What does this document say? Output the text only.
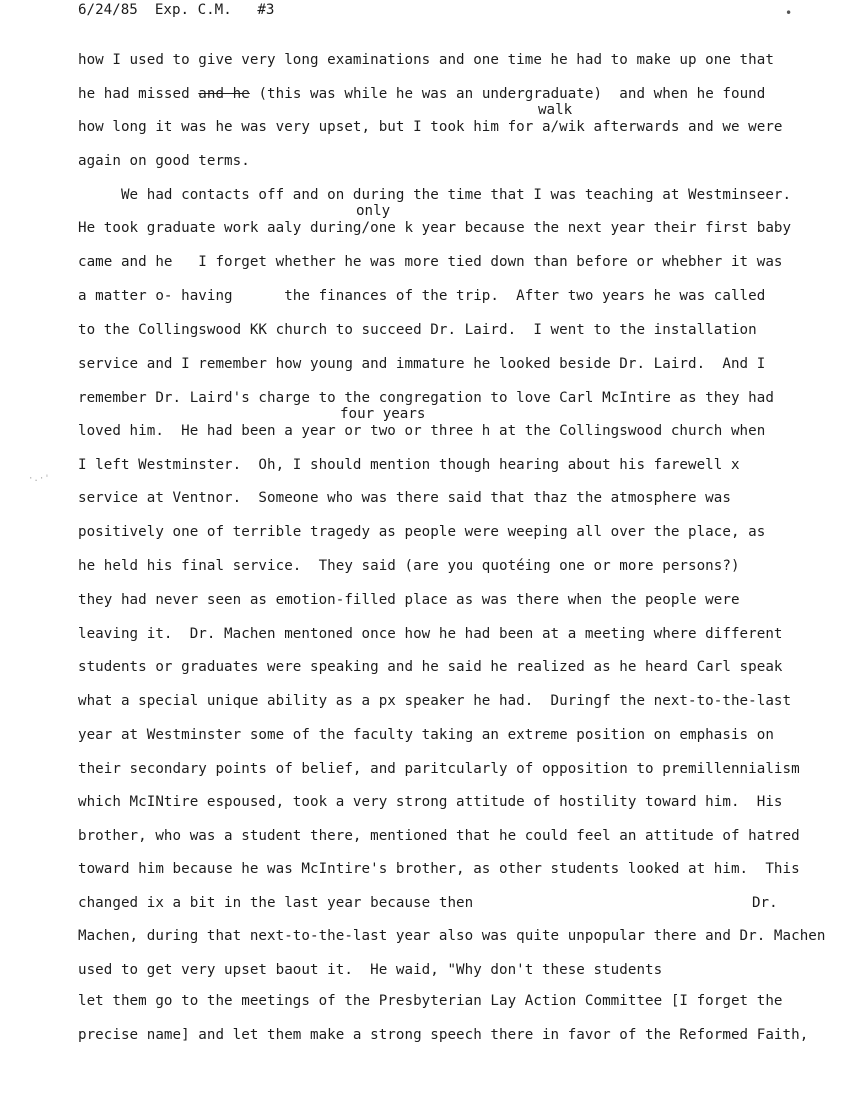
6/24/85  Exp. C.M.   #3	•
·.·'
how I used to give very long examinations and one time he had to make up one that
he had missed and he (this was while he was an undergraduate)  and when he found
walk
how long it was he was very upset, but I took him for a/wik afterwards and we were
again on good terms.
We had contacts off and on during the time that I was teaching at Westminseer.
only
He took graduate work aaly during/one k year because the next year their first baby
came and he   I forget whether he was more tied down than before or whebher it was
a matter o- having      the finances of the trip.  After two years he was called
to the Collingswood KK church to succeed Dr. Laird.  I went to the installation
service and I remember how young and immature he looked beside Dr. Laird.  And I
remember Dr. Laird's charge to the congregation to love Carl McIntire as they had
four years
loved him.  He had been a year or two or three h at the Collingswood church when
I left Westminster.  Oh, I should mention though hearing about his farewell x
service at Ventnor.  Someone who was there said that thaz the atmosphere was
positively one of terrible tragedy as people were weeping all over the place, as
he held his final service.  They said (are you quotéing one or more persons?)
they had never seen as emotion-filled place as was there when the people were
leaving it.  Dr. Machen mentoned once how he had been at a meeting where different
students or graduates were speaking and he said he realized as he heard Carl speak
what a special unique ability as a px speaker he had.  Duringf the next-to-the-last
year at Westminster some of the faculty taking an extreme position on emphasis on
their secondary points of belief, and paritcularly of opposition to premillennialism
which McINtire espoused, took a very strong attitude of hostility toward him.  His
brother, who was a student there, mentioned that he could feel an attitude of hatred
toward him because he was McIntire's brother, as other students looked at him.  This
changed ix a bit in the last year because then	Dr.
Machen, during that next-to-the-last year also was quite unpopular there and Dr. Machen
used to get very upset baout it.  He waid, "Why don't these students
let them go to the meetings of the Presbyterian Lay Action Committee [I forget the
precise name] and let them make a strong speech there in favor of the Reformed Faith,
